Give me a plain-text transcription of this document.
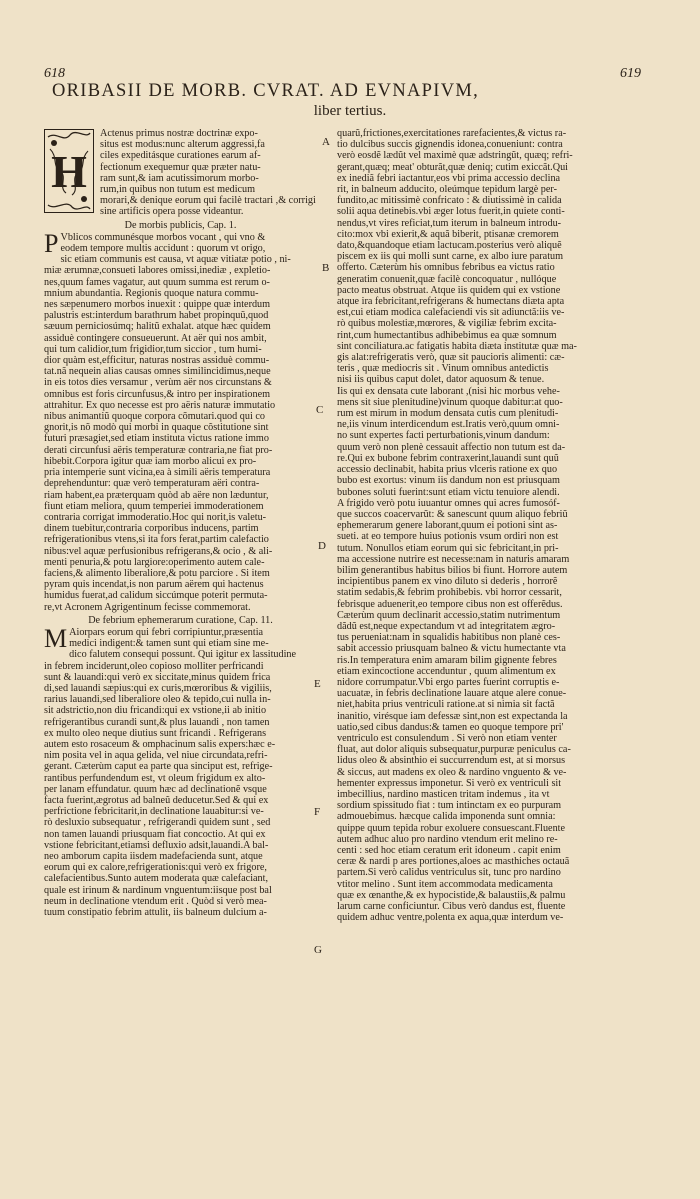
618	619
ORIBASII DE MORB. CVRAT. AD EVNAPIVM,
liber tertius.
A
B
C
D
E
F
G
H
Actenus primus nostræ doctrinæ expo-
situs est modus:nunc alterum aggressi,fa
ciles expeditásque curationes earum af-
fectionum exequemur quæ præter natu-
ram sunt,& iam acutissimorum morbo-
rum,in quibus non tutum est medicum
morari,& denique eorum qui facilè tractari ,& corrigi
sine artificis opera posse videantur.
De morbis publicis, Cap. 1.
P Vblicos communésque morbos vocant , qui vno &
eodem tempore multis accidunt : quorum vt origo,
sic etiam communis est causa, vt aquæ vitiatæ potio , ni-
miæ ærumnæ,consueti labores omissi,inediæ , expletio-
nes,quum fames vagatur, aut quum summa est rerum o-
mnium abundantia. Regionis quoque natura commu-
nes sæpenumero morbos inuexit : quippe quæ interdum
palustris est:interdum barathrum habet propinquũ,quod
sæuum perniciosúmq; halitũ exhalat. atque hæc quidem
assiduè contingere consueuerunt. At aër qui nos ambit,
qui tum calidior,tum frigidior,tum siccior , tum humi-
dior quàm est,efficitur, naturas nostras assiduè commu-
tat.nã nequein alias causas omnes similincidimus,neque
in eis totos dies versamur , verùm aër nos circunstans &
omnibus est foris circunfusus,& intro per inspirationem
attrahitur. Ex quo necesse est pro aëris naturæ immutatio
nibus animantiũ quoque corpora cõmutari.quod qui co
gnorit,is nõ modò qui morbi in quaque cõstitutione sint
futuri præsagiet,sed etiam instituta victus ratione immo
derati circunfusi aëris temperaturæ contraria,ne fiat pro-
hibebit.Corpora igitur quæ iam morbo alicui ex pro-
pria intemperie sunt vicina,ea à simili aëris temperatura
deprehenduntur: quæ verò temperaturam aëri contra-
riam habent,ea præterquam quòd ab aëre non læduntur,
fiunt etiam meliora, quum temperiei immoderationem
contraria corrigat immoderatio.Hoc qui norit,is valetu-
dinem tuebitur,contraria corporibus inducens, partim
refrigerationibus vtens,si ita fors ferat,partim calefactio
nibus:vel aquæ perfusionibus refrigerans,& ocio , & ali-
menti penuria,& potu largiore:operimento autem cale-
faciens,& alimento liberaliore,& potu parciore . Si item
pyram quis incendat,is non parum aërem qui hactenus
humidus fuerat,ad calidum siccúmque poterit permuta-
re,vt Acronem Agrigentinum fecisse commemorat.
De febrium ephemerarum curatione, Cap. 11.
M Aiorpars eorum qui febri corripiuntur,præsentia
medici indigent:& tamen sunt qui etiam sine me-
dico falutem consequi possunt. Qui igitur ex lassitudine
in febrem inciderunt,oleo copioso molliter perfricandi
sunt & lauandi:qui verò ex siccitate,minus quidem frica
di,sed lauandi sæpius:qui ex curis,mœroribus & vigiliis,
rarius lauandi,sed liberaliore oleo & tepido,cui nulla in-
sit adstrictio,non diu fricandi:qui ex vstione,ii ab initio
refrigerantibus curandi sunt,& plus lauandi , non tamen
ex multo oleo neque diutius sunt fricandi . Refrigerans
autem esto rosaceum & omphacinum salis expers:hæc e-
nim posita vel in aqua gelida, vel niue circundata,refri-
gerant. Cæterùm caput ea parte qua sinciput est, refrige-
rantibus perfundendum est, vt oleum frigidum ex alto-
per lanam effundatur. quum hæc ad declinationẽ vsque
facta fuerint,ægrotus ad balneũ deducetur.Sed & qui ex
perfrictione febricitarit,in declinatione lauabitur:si ve-
rò desluxio subsequatur , refrigerandi quidem sunt , sed
non tamen lauandi priusquam fiat concoctio. At qui ex
vstione febricitant,etiamsi defluxio adsit,lauandi.A bal-
neo amborum capita iisdem madefacienda sunt, atque
eorum qui ex calore,refrigerationis:qui verò ex frigore,
calefacientibus.Sunto autem moderata quæ calefaciant,
quale est irinum & nardinum vnguentum:iisque post bal
neum in declinatione vtendum erit . Quòd si verò mea-
tuum constipatio febrim attulit, iis balneum dulcium a-
quarũ,frictiones,exercitationes rarefacientes,& victus ra-
tio dulcibus succis gignendis idonea,conueniunt: contra
verò eosdẽ lædũt vel maximè quæ adstringũt, quæq; refri-
gerant,quæq; meat' obturãt,quæ deniq; cutim exiccãt.Qui
ex inediã febri iactantur,eos vbi prima accessio declina
rit, in balneum adducito, oleúmque tepidum largè per-
fundito,ac mitissimè confricato : & diutissimè in calida
solii aqua detinebis.vbi æger lotus fuerit,in quiete conti-
nendus,vt vires reficiat,tum iterum in balneum introdu-
cito:mox vbi exierit,& aquã biberit, ptisanæ cremorem
dato,&quandoque etiam lactucam.posterius verò aliquẽ
piscem ex iis qui molli sunt carne, ex albo iure paratum
offerto. Cæterùm his omnibus febribus ea victus ratio
generatim conuenit,quæ facilè concoquatur , nullóque
pacto meatus obstruat. Atque iis quidem qui ex vstione
atque ira febricitant,refrigerans & humectans diæta apta
est,cui etiam modica calefaciendi vis sit adiunctã:iis ve-
rò quibus molestiæ,mœrores, & vigiliæ febrim excita-
rint,cum humectantibus adhibebimus ea quæ somnum
sint conciliatura.ac fatigatis habita diæta institutæ quæ ma-
gis alat:refrigeratis verò, quæ sit paucioris alimenti: cæ-
teris , quæ mediocris sit . Vinum omnibus antedictis
nisi iis quibus caput dolet, dator aquosum & tenue.
Iis qui ex densata cute laborant ,(nisi hic morbus vehe-
mens sit siue plenitudine)vinum quoque dabitur:at quo-
rum est mirum in modum densata cutis cum plenitudi-
ne,iis vinum interdicendum est.Iratis verò,quum omni-
no sunt expertes facti perturbationis,vinum dandum:
quum verò non plenè cessauit affectio non tutum est da-
re.Qui ex bubone febrim contraxerint,lauandi sunt quũ
accessio declinabit, habita prius vlceris ratione ex quo
bubo est exortus: vinum iis dandum non est priusquam
bubones soluti fuerint:sunt etiam victu tenuiore alendi.
A frigido verò potu iuuantur omnes qui acres fumosóf-
que succos coacervarũt: & sanescunt quum aliquo febriũ
ephemerarum genere laborant,quum ei potioni sint as-
sueti. at eo tempore huius potionis vsum ordiri non est
tutum. Nonullos etiam eorum qui sic febricitant,in pri-
ma accessione nutrire est necesse:nam in naturis amaram
bilim generantibus habitus bilios bi fiunt. Horrore autem
incipientibus panem ex vino diluto si dederis , horrorẽ
statim sedabis,& febrim prohibebis. vbi horror cessarit,
febrisque aduenerit,eo tempore cibus non est offerẽdus.
Cæterùm quum declinarit accessio,statim nutrimentum
dãdũ est,neque expectandum vt ad integritatem ægro-
tus perueniat:nam in squalidis habitibus non planè ces-
sabit accessio priusquam balneo & victu humectante vta
ris.In temperatura enim amaram bilim gignente febres
etiam exincoctione accenduntur , quum alimentum ex
nidore corrumpatur.Vbi ergo partes fuerint corruptis e-
uacuatæ, in febris declinatione lauare atque alere conue-
niet,habita prius ventriculi ratione.at si nimia sit factã
inanitio, virésque iam defessæ sint,non est expectanda la
uatio,sed cibus dandus:& tamen eo quoque tempore pri'
ventriculo est consulendum . Si verò non etiam venter
fluat, aut dolor aliquis subsequatur,purpuræ peniculus ca-
lidus oleo & absinthio ei succurrendum est, at si morsus
& siccus, aut madens ex oleo & nardino vnguento & ve-
hementer expressus imponetur. Si verò ex ventriculi sit
imbecillius, nardino masticen tritam indemus , ita vt
sordium spissitudo fiat : tum intinctam ex eo purpuram
admouebimus. hæcque calida imponenda sunt omnia:
quippe quum tepida robur exoluere consuescant.Fluente
autem adhuc aluo pro nardino vtendum erit melino re-
centi : sed hoc etiam ceratum erit idoneum . capit enim
ceræ & nardi p ares portiones,aloes ac masthiches octauã
partem.Si verò calidus ventriculus sit, tunc pro nardino
vtitor melino . Sunt item accommodata medicamenta
quæ ex œnanthe,& ex hypocistide,& balaustiis,& palmu
larum carne conficiuntur. Cibus verò dandus est, fluente
quidem adhuc ventre,polenta ex aqua,quæ interdum ve-
